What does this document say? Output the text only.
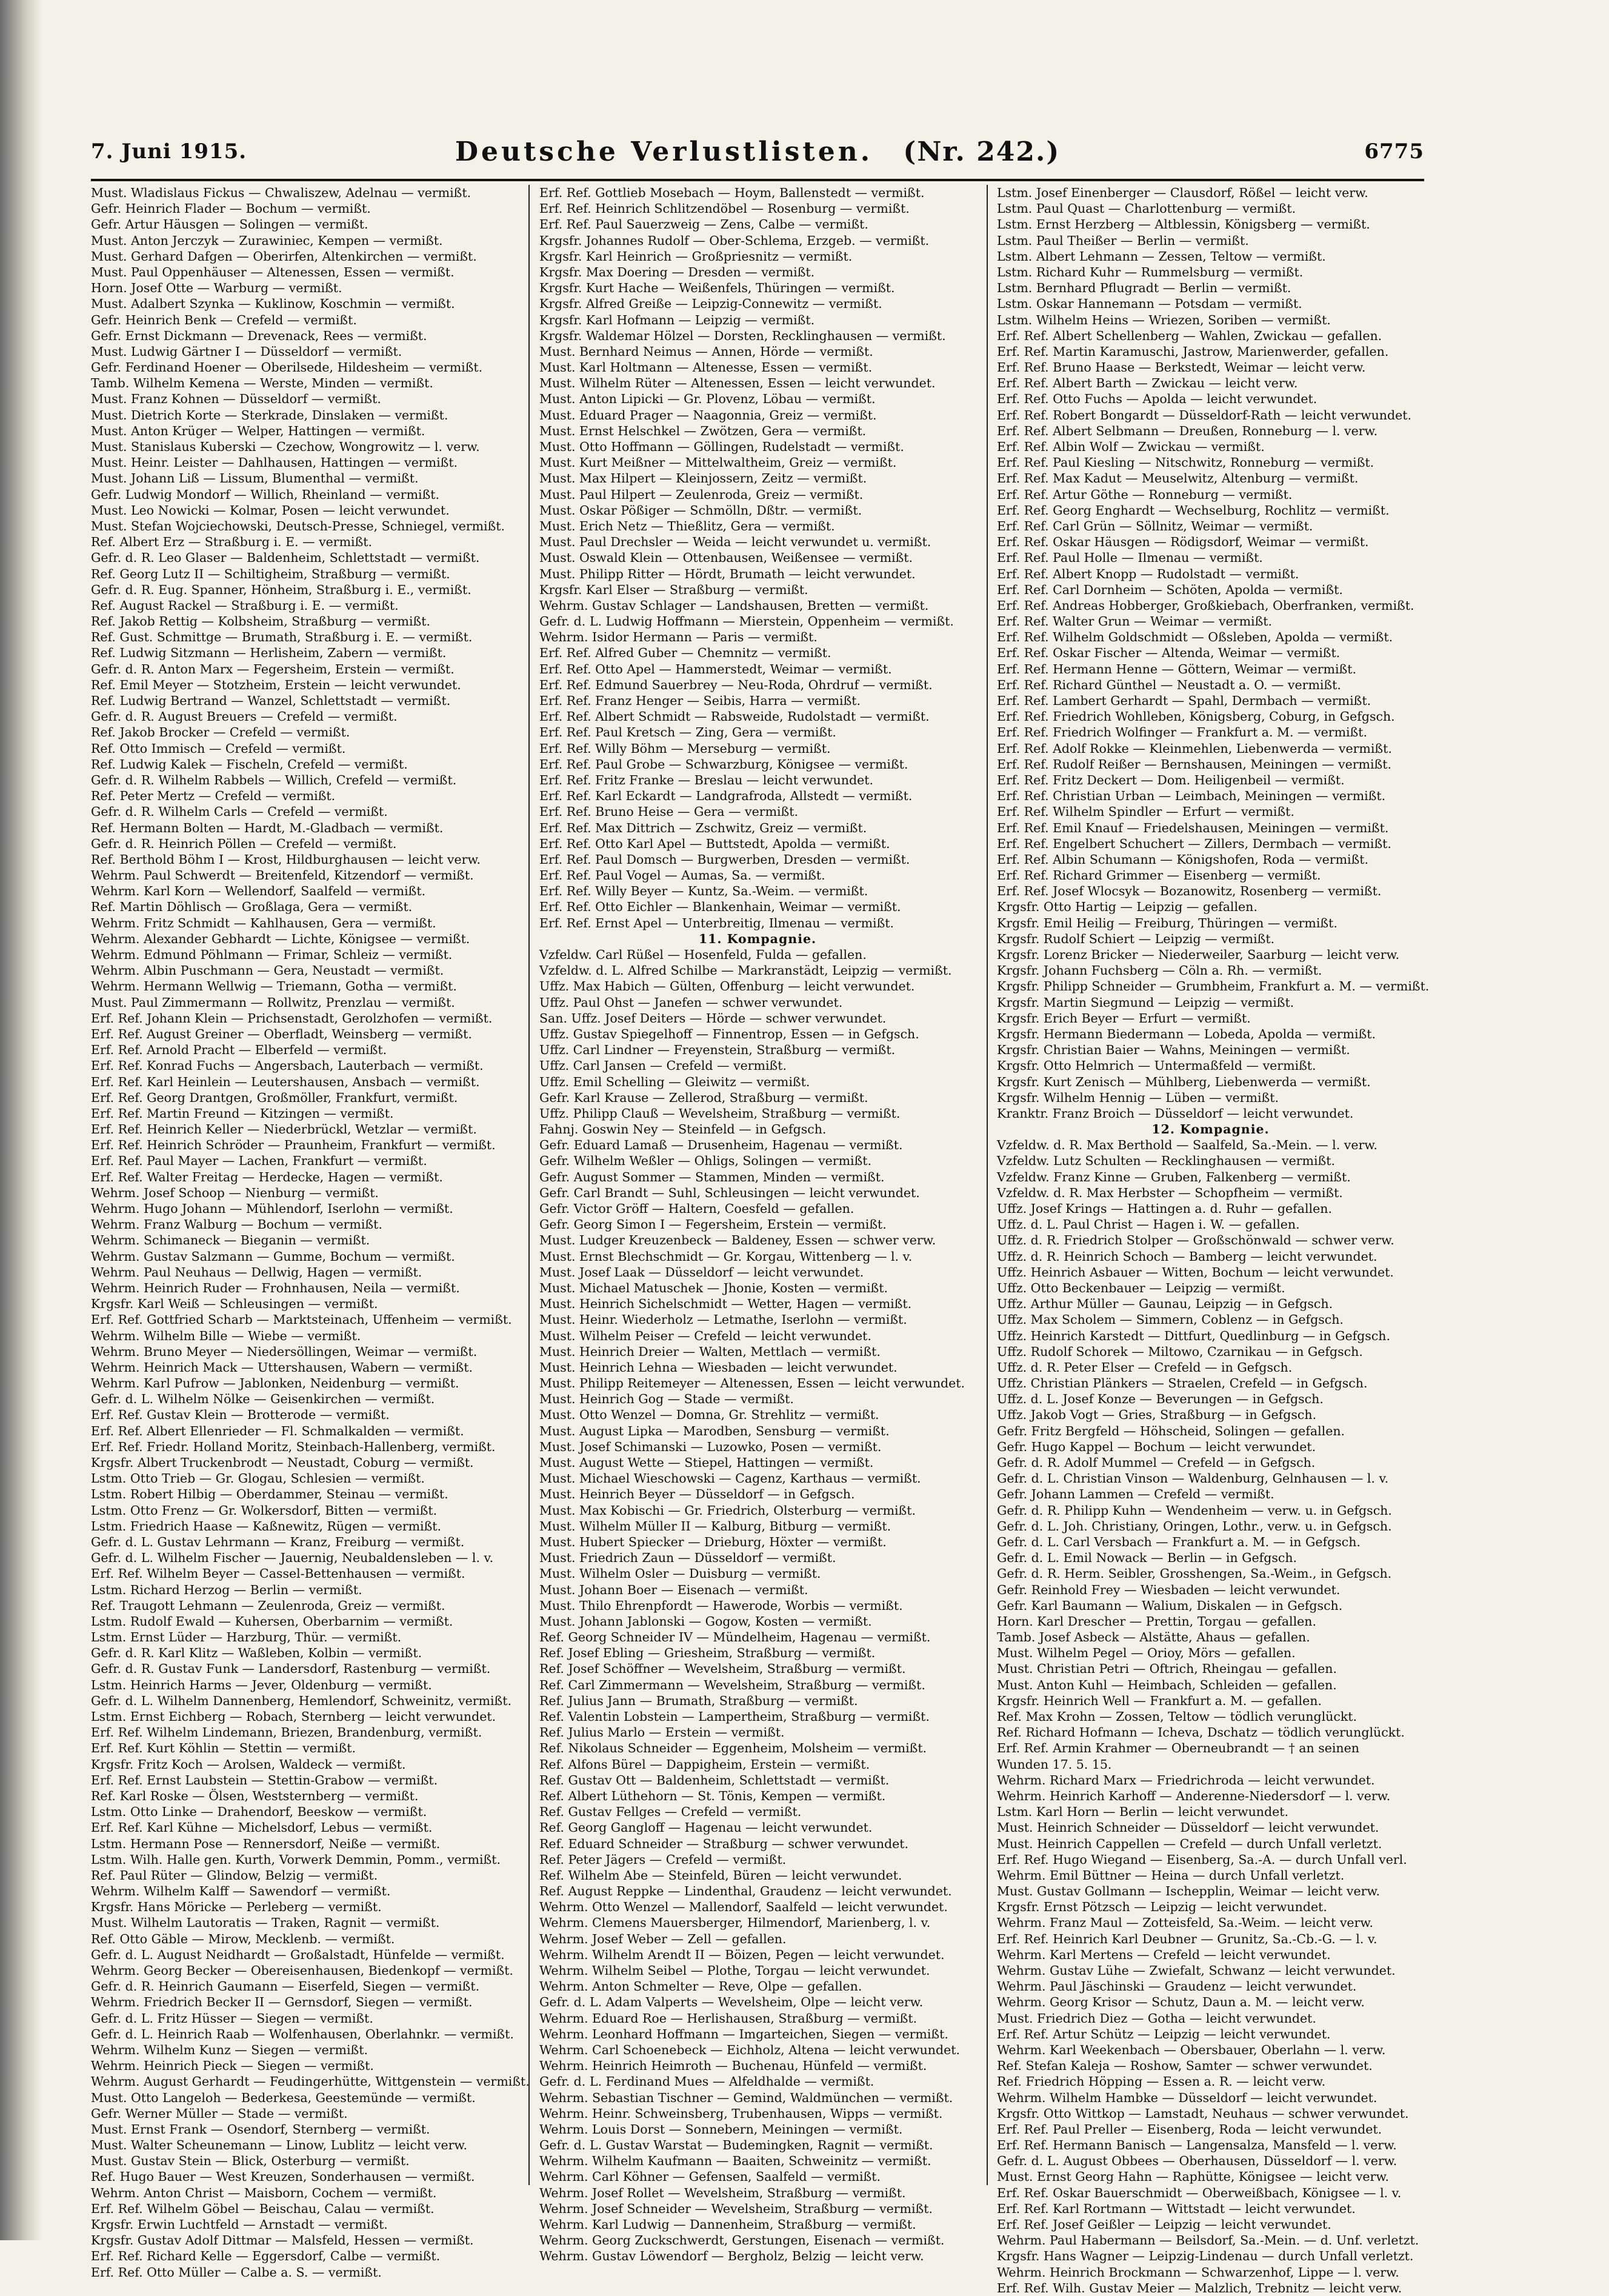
7. Juni 1915.	Deutsche Verlustlisten. (Nr. 242.)	6775
Must. Wladislaus Fickus — Chwaliszew, Adelnau — vermißt.
Gefr. Heinrich Flader — Bochum — vermißt.
Gefr. Artur Häusgen — Solingen — vermißt.
Must. Anton Jerczyk — Zurawiniec, Kempen — vermißt.
Must. Gerhard Dafgen — Oberirfen, Altenkirchen — vermißt.
Must. Paul Oppenhäuser — Altenessen, Essen — vermißt.
Horn. Josef Otte — Warburg — vermißt.
Must. Adalbert Szynka — Kuklinow, Koschmin — vermißt.
Gefr. Heinrich Benk — Crefeld — vermißt.
Gefr. Ernst Dickmann — Drevenack, Rees — vermißt.
Must. Ludwig Gärtner I — Düsseldorf — vermißt.
Gefr. Ferdinand Hoener — Oberilsede, Hildesheim — vermißt.
Tamb. Wilhelm Kemena — Werste, Minden — vermißt.
Must. Franz Kohnen — Düsseldorf — vermißt.
Must. Dietrich Korte — Sterkrade, Dinslaken — vermißt.
Must. Anton Krüger — Welper, Hattingen — vermißt.
Must. Stanislaus Kuberski — Czechow, Wongrowitz — l. verw.
Must. Heinr. Leister — Dahlhausen, Hattingen — vermißt.
Must. Johann Liß — Lissum, Blumenthal — vermißt.
Gefr. Ludwig Mondorf — Willich, Rheinland — vermißt.
Must. Leo Nowicki — Kolmar, Posen — leicht verwundet.
Must. Stefan Wojciechowski, Deutsch-Presse, Schniegel, vermißt.
Ref. Albert Erz — Straßburg i. E. — vermißt.
Gefr. d. R. Leo Glaser — Baldenheim, Schlettstadt — vermißt.
Ref. Georg Lutz II — Schiltigheim, Straßburg — vermißt.
Gefr. d. R. Eug. Spanner, Hönheim, Straßburg i. E., vermißt.
Ref. August Rackel — Straßburg i. E. — vermißt.
Ref. Jakob Rettig — Kolbsheim, Straßburg — vermißt.
Ref. Gust. Schmittge — Brumath, Straßburg i. E. — vermißt.
Ref. Ludwig Sitzmann — Herlisheim, Zabern — vermißt.
Gefr. d. R. Anton Marx — Fegersheim, Erstein — vermißt.
Ref. Emil Meyer — Stotzheim, Erstein — leicht verwundet.
Ref. Ludwig Bertrand — Wanzel, Schlettstadt — vermißt.
Gefr. d. R. August Breuers — Crefeld — vermißt.
Ref. Jakob Brocker — Crefeld — vermißt.
Ref. Otto Immisch — Crefeld — vermißt.
Ref. Ludwig Kalek — Fischeln, Crefeld — vermißt.
Gefr. d. R. Wilhelm Rabbels — Willich, Crefeld — vermißt.
Ref. Peter Mertz — Crefeld — vermißt.
Gefr. d. R. Wilhelm Carls — Crefeld — vermißt.
Ref. Hermann Bolten — Hardt, M.-Gladbach — vermißt.
Gefr. d. R. Heinrich Pöllen — Crefeld — vermißt.
Ref. Berthold Böhm I — Krost, Hildburghausen — leicht verw.
Wehrm. Paul Schwerdt — Breitenfeld, Kitzendorf — vermißt.
Wehrm. Karl Korn — Wellendorf, Saalfeld — vermißt.
Ref. Martin Döhlisch — Großlaga, Gera — vermißt.
Wehrm. Fritz Schmidt — Kahlhausen, Gera — vermißt.
Wehrm. Alexander Gebhardt — Lichte, Königsee — vermißt.
Wehrm. Edmund Pöhlmann — Frimar, Schleiz — vermißt.
Wehrm. Albin Puschmann — Gera, Neustadt — vermißt.
Wehrm. Hermann Wellwig — Triemann, Gotha — vermißt.
Must. Paul Zimmermann — Rollwitz, Prenzlau — vermißt.
Erf. Ref. Johann Klein — Prichsenstadt, Gerolzhofen — vermißt.
Erf. Ref. August Greiner — Oberfladt, Weinsberg — vermißt.
Erf. Ref. Arnold Pracht — Elberfeld — vermißt.
Erf. Ref. Konrad Fuchs — Angersbach, Lauterbach — vermißt.
Erf. Ref. Karl Heinlein — Leutershausen, Ansbach — vermißt.
Erf. Ref. Georg Drantgen, Großmöller, Frankfurt, vermißt.
Erf. Ref. Martin Freund — Kitzingen — vermißt.
Erf. Ref. Heinrich Keller — Niederbrückl, Wetzlar — vermißt.
Erf. Ref. Heinrich Schröder — Praunheim, Frankfurt — vermißt.
Erf. Ref. Paul Mayer — Lachen, Frankfurt — vermißt.
Erf. Ref. Walter Freitag — Herdecke, Hagen — vermißt.
Wehrm. Josef Schoop — Nienburg — vermißt.
Wehrm. Hugo Johann — Mühlendorf, Iserlohn — vermißt.
Wehrm. Franz Walburg — Bochum — vermißt.
Wehrm. Schimaneck — Bieganin — vermißt.
Wehrm. Gustav Salzmann — Gumme, Bochum — vermißt.
Wehrm. Paul Neuhaus — Dellwig, Hagen — vermißt.
Wehrm. Heinrich Ruder — Frohnhausen, Neila — vermißt.
Krgsfr. Karl Weiß — Schleusingen — vermißt.
Erf. Ref. Gottfried Scharb — Marktsteinach, Uffenheim — vermißt.
Wehrm. Wilhelm Bille — Wiebe — vermißt.
Wehrm. Bruno Meyer — Niedersöllingen, Weimar — vermißt.
Wehrm. Heinrich Mack — Uttershausen, Wabern — vermißt.
Wehrm. Karl Pufrow — Jablonken, Neidenburg — vermißt.
Gefr. d. L. Wilhelm Nölke — Geisenkirchen — vermißt.
Erf. Ref. Gustav Klein — Brotterode — vermißt.
Erf. Ref. Albert Ellenrieder — Fl. Schmalkalden — vermißt.
Erf. Ref. Friedr. Holland Moritz, Steinbach-Hallenberg, vermißt.
Krgsfr. Albert Truckenbrodt — Neustadt, Coburg — vermißt.
Lstm. Otto Trieb — Gr. Glogau, Schlesien — vermißt.
Lstm. Robert Hilbig — Oberdammer, Steinau — vermißt.
Lstm. Otto Frenz — Gr. Wolkersdorf, Bitten — vermißt.
Lstm. Friedrich Haase — Kaßnewitz, Rügen — vermißt.
Gefr. d. L. Gustav Lehrmann — Kranz, Freiburg — vermißt.
Gefr. d. L. Wilhelm Fischer — Jauernig, Neubaldensleben — l. v.
Erf. Ref. Wilhelm Beyer — Cassel-Bettenhausen — vermißt.
Lstm. Richard Herzog — Berlin — vermißt.
Ref. Traugott Lehmann — Zeulenroda, Greiz — vermißt.
Lstm. Rudolf Ewald — Kuhersen, Oberbarnim — vermißt.
Lstm. Ernst Lüder — Harzburg, Thür. — vermißt.
Gefr. d. R. Karl Klitz — Waßleben, Kolbin — vermißt.
Gefr. d. R. Gustav Funk — Landersdorf, Rastenburg — vermißt.
Lstm. Heinrich Harms — Jever, Oldenburg — vermißt.
Gefr. d. L. Wilhelm Dannenberg, Hemlendorf, Schweinitz, vermißt.
Lstm. Ernst Eichberg — Robach, Sternberg — leicht verwundet.
Erf. Ref. Wilhelm Lindemann, Briezen, Brandenburg, vermißt.
Erf. Ref. Kurt Köhlin — Stettin — vermißt.
Krgsfr. Fritz Koch — Arolsen, Waldeck — vermißt.
Erf. Ref. Ernst Laubstein — Stettin-Grabow — vermißt.
Ref. Karl Roske — Ölsen, Weststernberg — vermißt.
Lstm. Otto Linke — Drahendorf, Beeskow — vermißt.
Erf. Ref. Karl Kühne — Michelsdorf, Lebus — vermißt.
Lstm. Hermann Pose — Rennersdorf, Neiße — vermißt.
Lstm. Wilh. Halle gen. Kurth, Vorwerk Demmin, Pomm., vermißt.
Ref. Paul Rüter — Glindow, Belzig — vermißt.
Wehrm. Wilhelm Kalff — Sawendorf — vermißt.
Krgsfr. Hans Möricke — Perleberg — vermißt.
Must. Wilhelm Lautoratis — Traken, Ragnit — vermißt.
Ref. Otto Gäble — Mirow, Mecklenb. — vermißt.
Gefr. d. L. August Neidhardt — Großalstadt, Hünfelde — vermißt.
Wehrm. Georg Becker — Obereisenhausen, Biedenkopf — vermißt.
Gefr. d. R. Heinrich Gaumann — Eiserfeld, Siegen — vermißt.
Wehrm. Friedrich Becker II — Gernsdorf, Siegen — vermißt.
Gefr. d. L. Fritz Hüsser — Siegen — vermißt.
Gefr. d. L. Heinrich Raab — Wolfenhausen, Oberlahnkr. — vermißt.
Wehrm. Wilhelm Kunz — Siegen — vermißt.
Wehrm. Heinrich Pieck — Siegen — vermißt.
Wehrm. August Gerhardt — Feudingerhütte, Wittgenstein — vermißt.
Must. Otto Langeloh — Bederkesa, Geestemünde — vermißt.
Gefr. Werner Müller — Stade — vermißt.
Must. Ernst Frank — Osendorf, Sternberg — vermißt.
Must. Walter Scheunemann — Linow, Lublitz — leicht verw.
Must. Gustav Stein — Blick, Osterburg — vermißt.
Ref. Hugo Bauer — West Kreuzen, Sonderhausen — vermißt.
Wehrm. Anton Christ — Maisborn, Cochem — vermißt.
Erf. Ref. Wilhelm Göbel — Beischau, Calau — vermißt.
Krgsfr. Erwin Luchtfeld — Arnstadt — vermißt.
Krgsfr. Gustav Adolf Dittmar — Malsfeld, Hessen — vermißt.
Erf. Ref. Richard Kelle — Eggersdorf, Calbe — vermißt.
Erf. Ref. Otto Müller — Calbe a. S. — vermißt.
Erf. Ref. Gottlieb Mosebach — Hoym, Ballenstedt — vermißt.
Erf. Ref. Heinrich Schlitzendöbel — Rosenburg — vermißt.
Erf. Ref. Paul Sauerzweig — Zens, Calbe — vermißt.
Krgsfr. Johannes Rudolf — Ober-Schlema, Erzgeb. — vermißt.
Krgsfr. Karl Heinrich — Großpriesnitz — vermißt.
Krgsfr. Max Doering — Dresden — vermißt.
Krgsfr. Kurt Hache — Weißenfels, Thüringen — vermißt.
Krgsfr. Alfred Greiße — Leipzig-Connewitz — vermißt.
Krgsfr. Karl Hofmann — Leipzig — vermißt.
Krgsfr. Waldemar Hölzel — Dorsten, Recklinghausen — vermißt.
Must. Bernhard Neimus — Annen, Hörde — vermißt.
Must. Karl Holtmann — Altenesse, Essen — vermißt.
Must. Wilhelm Rüter — Altenessen, Essen — leicht verwundet.
Must. Anton Lipicki — Gr. Plovenz, Löbau — vermißt.
Must. Eduard Prager — Naagonnia, Greiz — vermißt.
Must. Ernst Helschkel — Zwötzen, Gera — vermißt.
Must. Otto Hoffmann — Göllingen, Rudelstadt — vermißt.
Must. Kurt Meißner — Mittelwaltheim, Greiz — vermißt.
Must. Max Hilpert — Kleinjossern, Zeitz — vermißt.
Must. Paul Hilpert — Zeulenroda, Greiz — vermißt.
Must. Oskar Pößiger — Schmölln, Dßtr. — vermißt.
Must. Erich Netz — Thießlitz, Gera — vermißt.
Must. Paul Drechsler — Weida — leicht verwundet u. vermißt.
Must. Oswald Klein — Ottenbausen, Weißensee — vermißt.
Must. Philipp Ritter — Hördt, Brumath — leicht verwundet.
Krgsfr. Karl Elser — Straßburg — vermißt.
Wehrm. Gustav Schlager — Landshausen, Bretten — vermißt.
Gefr. d. L. Ludwig Hoffmann — Mierstein, Oppenheim — vermißt.
Wehrm. Isidor Hermann — Paris — vermißt.
Erf. Ref. Alfred Guber — Chemnitz — vermißt.
Erf. Ref. Otto Apel — Hammerstedt, Weimar — vermißt.
Erf. Ref. Edmund Sauerbrey — Neu-Roda, Ohrdruf — vermißt.
Erf. Ref. Franz Henger — Seibis, Harra — vermißt.
Erf. Ref. Albert Schmidt — Rabsweide, Rudolstadt — vermißt.
Erf. Ref. Paul Kretsch — Zing, Gera — vermißt.
Erf. Ref. Willy Böhm — Merseburg — vermißt.
Erf. Ref. Paul Grobe — Schwarzburg, Königsee — vermißt.
Erf. Ref. Fritz Franke — Breslau — leicht verwundet.
Erf. Ref. Karl Eckardt — Landgrafroda, Allstedt — vermißt.
Erf. Ref. Bruno Heise — Gera — vermißt.
Erf. Ref. Max Dittrich — Zschwitz, Greiz — vermißt.
Erf. Ref. Otto Karl Apel — Buttstedt, Apolda — vermißt.
Erf. Ref. Paul Domsch — Burgwerben, Dresden — vermißt.
Erf. Ref. Paul Vogel — Aumas, Sa. — vermißt.
Erf. Ref. Willy Beyer — Kuntz, Sa.-Weim. — vermißt.
Erf. Ref. Otto Eichler — Blankenhain, Weimar — vermißt.
Erf. Ref. Ernst Apel — Unterbreitig, Ilmenau — vermißt.
11. Kompagnie.
Vzfeldw. Carl Rüßel — Hosenfeld, Fulda — gefallen.
Vzfeldw. d. L. Alfred Schilbe — Markranstädt, Leipzig — vermißt.
Uffz. Max Habich — Gülten, Offenburg — leicht verwundet.
Uffz. Paul Ohst — Janefen — schwer verwundet.
San. Uffz. Josef Deiters — Hörde — schwer verwundet.
Uffz. Gustav Spiegelhoff — Finnentrop, Essen — in Gefgsch.
Uffz. Carl Lindner — Freyenstein, Straßburg — vermißt.
Uffz. Carl Jansen — Crefeld — vermißt.
Uffz. Emil Schelling — Gleiwitz — vermißt.
Gefr. Karl Krause — Zellerod, Straßburg — vermißt.
Uffz. Philipp Clauß — Wevelsheim, Straßburg — vermißt.
Fahnj. Goswin Ney — Steinfeld — in Gefgsch.
Gefr. Eduard Lamaß — Drusenheim, Hagenau — vermißt.
Gefr. Wilhelm Weßler — Ohligs, Solingen — vermißt.
Gefr. August Sommer — Stammen, Minden — vermißt.
Gefr. Carl Brandt — Suhl, Schleusingen — leicht verwundet.
Gefr. Victor Gröff — Haltern, Coesfeld — gefallen.
Gefr. Georg Simon I — Fegersheim, Erstein — vermißt.
Must. Ludger Kreuzenbeck — Baldeney, Essen — schwer verw.
Must. Ernst Blechschmidt — Gr. Korgau, Wittenberg — l. v.
Must. Josef Laak — Düsseldorf — leicht verwundet.
Must. Michael Matuschek — Jhonie, Kosten — vermißt.
Must. Heinrich Sichelschmidt — Wetter, Hagen — vermißt.
Must. Heinr. Wiederholz — Letmathe, Iserlohn — vermißt.
Must. Wilhelm Peiser — Crefeld — leicht verwundet.
Must. Heinrich Dreier — Walten, Mettlach — vermißt.
Must. Heinrich Lehna — Wiesbaden — leicht verwundet.
Must. Philipp Reitemeyer — Altenessen, Essen — leicht verwundet.
Must. Heinrich Gog — Stade — vermißt.
Must. Otto Wenzel — Domna, Gr. Strehlitz — vermißt.
Must. August Lipka — Marodben, Sensburg — vermißt.
Must. Josef Schimanski — Luzowko, Posen — vermißt.
Must. August Wette — Stiepel, Hattingen — vermißt.
Must. Michael Wieschowski — Cagenz, Karthaus — vermißt.
Must. Heinrich Beyer — Düsseldorf — in Gefgsch.
Must. Max Kobischi — Gr. Friedrich, Olsterburg — vermißt.
Must. Wilhelm Müller II — Kalburg, Bitburg — vermißt.
Must. Hubert Spiecker — Drieburg, Höxter — vermißt.
Must. Friedrich Zaun — Düsseldorf — vermißt.
Must. Wilhelm Osler — Duisburg — vermißt.
Must. Johann Boer — Eisenach — vermißt.
Must. Thilo Ehrenpfordt — Hawerode, Worbis — vermißt.
Must. Johann Jablonski — Gogow, Kosten — vermißt.
Ref. Georg Schneider IV — Mündelheim, Hagenau — vermißt.
Ref. Josef Ebling — Griesheim, Straßburg — vermißt.
Ref. Josef Schöffner — Wevelsheim, Straßburg — vermißt.
Ref. Carl Zimmermann — Wevelsheim, Straßburg — vermißt.
Ref. Julius Jann — Brumath, Straßburg — vermißt.
Ref. Valentin Lobstein — Lampertheim, Straßburg — vermißt.
Ref. Julius Marlo — Erstein — vermißt.
Ref. Nikolaus Schneider — Eggenheim, Molsheim — vermißt.
Ref. Alfons Bürel — Dappigheim, Erstein — vermißt.
Ref. Gustav Ott — Baldenheim, Schlettstadt — vermißt.
Ref. Albert Lüthehorn — St. Tönis, Kempen — vermißt.
Ref. Gustav Fellges — Crefeld — vermißt.
Ref. Georg Gangloff — Hagenau — leicht verwundet.
Ref. Eduard Schneider — Straßburg — schwer verwundet.
Ref. Peter Jägers — Crefeld — vermißt.
Ref. Wilhelm Abe — Steinfeld, Büren — leicht verwundet.
Ref. August Reppke — Lindenthal, Graudenz — leicht verwundet.
Wehrm. Otto Wenzel — Mallendorf, Saalfeld — leicht verwundet.
Wehrm. Clemens Mauersberger, Hilmendorf, Marienberg, l. v.
Wehrm. Josef Weber — Zell — gefallen.
Wehrm. Wilhelm Arendt II — Böizen, Pegen — leicht verwundet.
Wehrm. Wilhelm Seibel — Plothe, Torgau — leicht verwundet.
Wehrm. Anton Schmelter — Reve, Olpe — gefallen.
Gefr. d. L. Adam Valperts — Wevelsheim, Olpe — leicht verw.
Wehrm. Eduard Roe — Herlishausen, Straßburg — vermißt.
Wehrm. Leonhard Hoffmann — Imgarteichen, Siegen — vermißt.
Wehrm. Carl Schoenebeck — Eichholz, Altena — leicht verwundet.
Wehrm. Heinrich Heimroth — Buchenau, Hünfeld — vermißt.
Gefr. d. L. Ferdinand Mues — Alfeldhalde — vermißt.
Wehrm. Sebastian Tischner — Gemind, Waldmünchen — vermißt.
Wehrm. Heinr. Schweinsberg, Trubenhausen, Wipps — vermißt.
Wehrm. Louis Dorst — Sonnebern, Meiningen — vermißt.
Gefr. d. L. Gustav Warstat — Budemingken, Ragnit — vermißt.
Wehrm. Wilhelm Kaufmann — Baaiten, Schweinitz — vermißt.
Wehrm. Carl Köhner — Gefensen, Saalfeld — vermißt.
Wehrm. Josef Rollet — Wevelsheim, Straßburg — vermißt.
Wehrm. Josef Schneider — Wevelsheim, Straßburg — vermißt.
Wehrm. Karl Ludwig — Dannenheim, Straßburg — vermißt.
Wehrm. Georg Zuckschwerdt, Gerstungen, Eisenach — vermißt.
Wehrm. Gustav Löwendorf — Bergholz, Belzig — leicht verw.
Lstm. Josef Einenberger — Clausdorf, Rößel — leicht verw.
Lstm. Paul Quast — Charlottenburg — vermißt.
Lstm. Ernst Herzberg — Altblessin, Königsberg — vermißt.
Lstm. Paul Theißer — Berlin — vermißt.
Lstm. Albert Lehmann — Zessen, Teltow — vermißt.
Lstm. Richard Kuhr — Rummelsburg — vermißt.
Lstm. Bernhard Pflugradt — Berlin — vermißt.
Lstm. Oskar Hannemann — Potsdam — vermißt.
Lstm. Wilhelm Heins — Wriezen, Soriben — vermißt.
Erf. Ref. Albert Schellenberg — Wahlen, Zwickau — gefallen.
Erf. Ref. Martin Karamuschi, Jastrow, Marienwerder, gefallen.
Erf. Ref. Bruno Haase — Berkstedt, Weimar — leicht verw.
Erf. Ref. Albert Barth — Zwickau — leicht verw.
Erf. Ref. Otto Fuchs — Apolda — leicht verwundet.
Erf. Ref. Robert Bongardt — Düsseldorf-Rath — leicht verwundet.
Erf. Ref. Albert Selbmann — Dreußen, Ronneburg — l. verw.
Erf. Ref. Albin Wolf — Zwickau — vermißt.
Erf. Ref. Paul Kiesling — Nitschwitz, Ronneburg — vermißt.
Erf. Ref. Max Kadut — Meuselwitz, Altenburg — vermißt.
Erf. Ref. Artur Göthe — Ronneburg — vermißt.
Erf. Ref. Georg Enghardt — Wechselburg, Rochlitz — vermißt.
Erf. Ref. Carl Grün — Söllnitz, Weimar — vermißt.
Erf. Ref. Oskar Häusgen — Rödigsdorf, Weimar — vermißt.
Erf. Ref. Paul Holle — Ilmenau — vermißt.
Erf. Ref. Albert Knopp — Rudolstadt — vermißt.
Erf. Ref. Carl Dornheim — Schöten, Apolda — vermißt.
Erf. Ref. Andreas Hobberger, Großkiebach, Oberfranken, vermißt.
Erf. Ref. Walter Grun — Weimar — vermißt.
Erf. Ref. Wilhelm Goldschmidt — Oßsleben, Apolda — vermißt.
Erf. Ref. Oskar Fischer — Altenda, Weimar — vermißt.
Erf. Ref. Hermann Henne — Göttern, Weimar — vermißt.
Erf. Ref. Richard Günthel — Neustadt a. O. — vermißt.
Erf. Ref. Lambert Gerhardt — Spahl, Dermbach — vermißt.
Erf. Ref. Friedrich Wohlleben, Königsberg, Coburg, in Gefgsch.
Erf. Ref. Friedrich Wolfinger — Frankfurt a. M. — vermißt.
Erf. Ref. Adolf Rokke — Kleinmehlen, Liebenwerda — vermißt.
Erf. Ref. Rudolf Reißer — Bernshausen, Meiningen — vermißt.
Erf. Ref. Fritz Deckert — Dom. Heiligenbeil — vermißt.
Erf. Ref. Christian Urban — Leimbach, Meiningen — vermißt.
Erf. Ref. Wilhelm Spindler — Erfurt — vermißt.
Erf. Ref. Emil Knauf — Friedelshausen, Meiningen — vermißt.
Erf. Ref. Engelbert Schuchert — Zillers, Dermbach — vermißt.
Erf. Ref. Albin Schumann — Königshofen, Roda — vermißt.
Erf. Ref. Richard Grimmer — Eisenberg — vermißt.
Erf. Ref. Josef Wlocsyk — Bozanowitz, Rosenberg — vermißt.
Krgsfr. Otto Hartig — Leipzig — gefallen.
Krgsfr. Emil Heilig — Freiburg, Thüringen — vermißt.
Krgsfr. Rudolf Schiert — Leipzig — vermißt.
Krgsfr. Lorenz Bricker — Niederweiler, Saarburg — leicht verw.
Krgsfr. Johann Fuchsberg — Cöln a. Rh. — vermißt.
Krgsfr. Philipp Schneider — Grumbheim, Frankfurt a. M. — vermißt.
Krgsfr. Martin Siegmund — Leipzig — vermißt.
Krgsfr. Erich Beyer — Erfurt — vermißt.
Krgsfr. Hermann Biedermann — Lobeda, Apolda — vermißt.
Krgsfr. Christian Baier — Wahns, Meiningen — vermißt.
Krgsfr. Otto Helmrich — Untermaßfeld — vermißt.
Krgsfr. Kurt Zenisch — Mühlberg, Liebenwerda — vermißt.
Krgsfr. Wilhelm Hennig — Lüben — vermißt.
Kranktr. Franz Broich — Düsseldorf — leicht verwundet.
12. Kompagnie.
Vzfeldw. d. R. Max Berthold — Saalfeld, Sa.-Mein. — l. verw.
Vzfeldw. Lutz Schulten — Recklinghausen — vermißt.
Vzfeldw. Franz Kinne — Gruben, Falkenberg — vermißt.
Vzfeldw. d. R. Max Herbster — Schopfheim — vermißt.
Uffz. Josef Krings — Hattingen a. d. Ruhr — gefallen.
Uffz. d. L. Paul Christ — Hagen i. W. — gefallen.
Uffz. d. R. Friedrich Stolper — Großschönwald — schwer verw.
Uffz. d. R. Heinrich Schoch — Bamberg — leicht verwundet.
Uffz. Heinrich Asbauer — Witten, Bochum — leicht verwundet.
Uffz. Otto Beckenbauer — Leipzig — vermißt.
Uffz. Arthur Müller — Gaunau, Leipzig — in Gefgsch.
Uffz. Max Scholem — Simmern, Coblenz — in Gefgsch.
Uffz. Heinrich Karstedt — Dittfurt, Quedlinburg — in Gefgsch.
Uffz. Rudolf Schorek — Miltowo, Czarnikau — in Gefgsch.
Uffz. d. R. Peter Elser — Crefeld — in Gefgsch.
Uffz. Christian Plänkers — Straelen, Crefeld — in Gefgsch.
Uffz. d. L. Josef Konze — Beverungen — in Gefgsch.
Uffz. Jakob Vogt — Gries, Straßburg — in Gefgsch.
Gefr. Fritz Bergfeld — Höhscheid, Solingen — gefallen.
Gefr. Hugo Kappel — Bochum — leicht verwundet.
Gefr. d. R. Adolf Mummel — Crefeld — in Gefgsch.
Gefr. d. L. Christian Vinson — Waldenburg, Gelnhausen — l. v.
Gefr. Johann Lammen — Crefeld — vermißt.
Gefr. d. R. Philipp Kuhn — Wendenheim — verw. u. in Gefgsch.
Gefr. d. L. Joh. Christiany, Oringen, Lothr., verw. u. in Gefgsch.
Gefr. d. L. Carl Versbach — Frankfurt a. M. — in Gefgsch.
Gefr. d. L. Emil Nowack — Berlin — in Gefgsch.
Gefr. d. R. Herm. Seibler, Grosshengen, Sa.-Weim., in Gefgsch.
Gefr. Reinhold Frey — Wiesbaden — leicht verwundet.
Gefr. Karl Baumann — Walium, Diskalen — in Gefgsch.
Horn. Karl Drescher — Prettin, Torgau — gefallen.
Tamb. Josef Asbeck — Alstätte, Ahaus — gefallen.
Must. Wilhelm Pegel — Orioy, Mörs — gefallen.
Must. Christian Petri — Oftrich, Rheingau — gefallen.
Must. Anton Kuhl — Heimbach, Schleiden — gefallen.
Krgsfr. Heinrich Well — Frankfurt a. M. — gefallen.
Ref. Max Krohn — Zossen, Teltow — tödlich verunglückt.
Ref. Richard Hofmann — Icheva, Dschatz — tödlich verunglückt.
Erf. Ref. Armin Krahmer — Oberneubrandt — † an seinen
Wunden 17. 5. 15.
Wehrm. Richard Marx — Friedrichroda — leicht verwundet.
Wehrm. Heinrich Karhoff — Anderenne-Niedersdorf — l. verw.
Lstm. Karl Horn — Berlin — leicht verwundet.
Must. Heinrich Schneider — Düsseldorf — leicht verwundet.
Must. Heinrich Cappellen — Crefeld — durch Unfall verletzt.
Erf. Ref. Hugo Wiegand — Eisenberg, Sa.-A. — durch Unfall verl.
Wehrm. Emil Büttner — Heina — durch Unfall verletzt.
Must. Gustav Gollmann — Ischepplin, Weimar — leicht verw.
Krgsfr. Ernst Pötzsch — Leipzig — leicht verwundet.
Wehrm. Franz Maul — Zotteisfeld, Sa.-Weim. — leicht verw.
Erf. Ref. Heinrich Karl Deubner — Grunitz, Sa.-Cb.-G. — l. v.
Wehrm. Karl Mertens — Crefeld — leicht verwundet.
Wehrm. Gustav Lühe — Zwiefalt, Schwanz — leicht verwundet.
Wehrm. Paul Jäschinski — Graudenz — leicht verwundet.
Wehrm. Georg Krisor — Schutz, Daun a. M. — leicht verw.
Must. Friedrich Diez — Gotha — leicht verwundet.
Erf. Ref. Artur Schütz — Leipzig — leicht verwundet.
Wehrm. Karl Weekenbach — Obersbauer, Oberlahn — l. verw.
Ref. Stefan Kaleja — Roshow, Samter — schwer verwundet.
Ref. Friedrich Höpping — Essen a. R. — leicht verw.
Wehrm. Wilhelm Hambke — Düsseldorf — leicht verwundet.
Krgsfr. Otto Wittkop — Lamstadt, Neuhaus — schwer verwundet.
Erf. Ref. Paul Preller — Eisenberg, Roda — leicht verwundet.
Erf. Ref. Hermann Banisch — Langensalza, Mansfeld — l. verw.
Gefr. d. L. August Obbees — Oberhausen, Düsseldorf — l. verw.
Must. Ernst Georg Hahn — Raphütte, Königsee — leicht verw.
Erf. Ref. Oskar Bauerschmidt — Oberweißbach, Königsee — l. v.
Erf. Ref. Karl Rortmann — Wittstadt — leicht verwundet.
Erf. Ref. Josef Geißler — Leipzig — leicht verwundet.
Wehrm. Paul Habermann — Beilsdorf, Sa.-Mein. — d. Unf. verletzt.
Krgsfr. Hans Wagner — Leipzig-Lindenau — durch Unfall verletzt.
Wehrm. Heinrich Brockmann — Schwarzenhof, Lippe — l. verw.
Erf. Ref. Wilh. Gustav Meier — Malzlich, Trebnitz — leicht verw.
